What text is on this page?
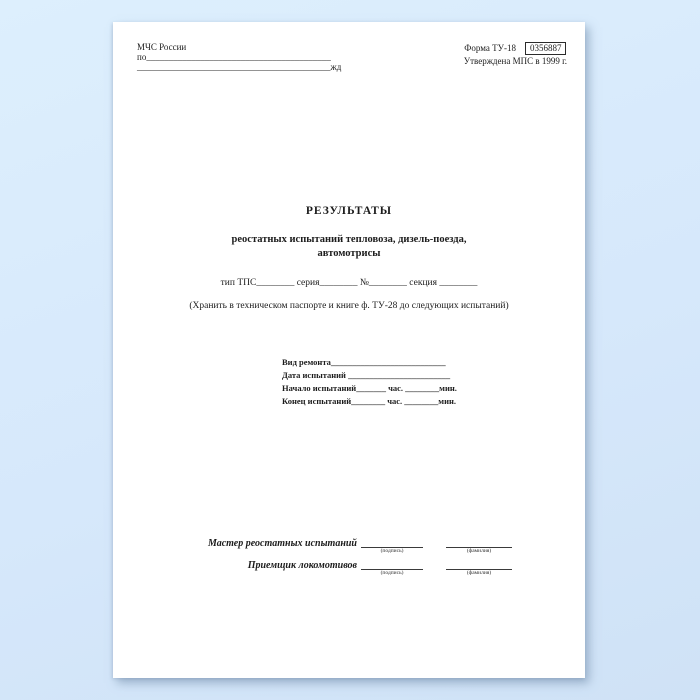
МЧС России
по_________________________________________
___________________________________________жд
Форма ТУ-18	0356887
Утверждена МПС в 1999 г.
РЕЗУЛЬТАТЫ
реостатных испытаний тепловоза, дизель-поезда,
автомотрисы
тип ТПС________ серия________ №________ секция ________
(Хранить в техническом паспорте и книге ф. ТУ-28 до следующих испытаний)
Вид ремонта___________________________
Дата испытаний ________________________
Начало испытаний_______ час. ________мин.
Конец испытаний________ час. ________мин.
Мастер реостатных испытаний
(подпись)	(фамилия)
Приемщик локомотивов
(подпись)	(фамилия)
